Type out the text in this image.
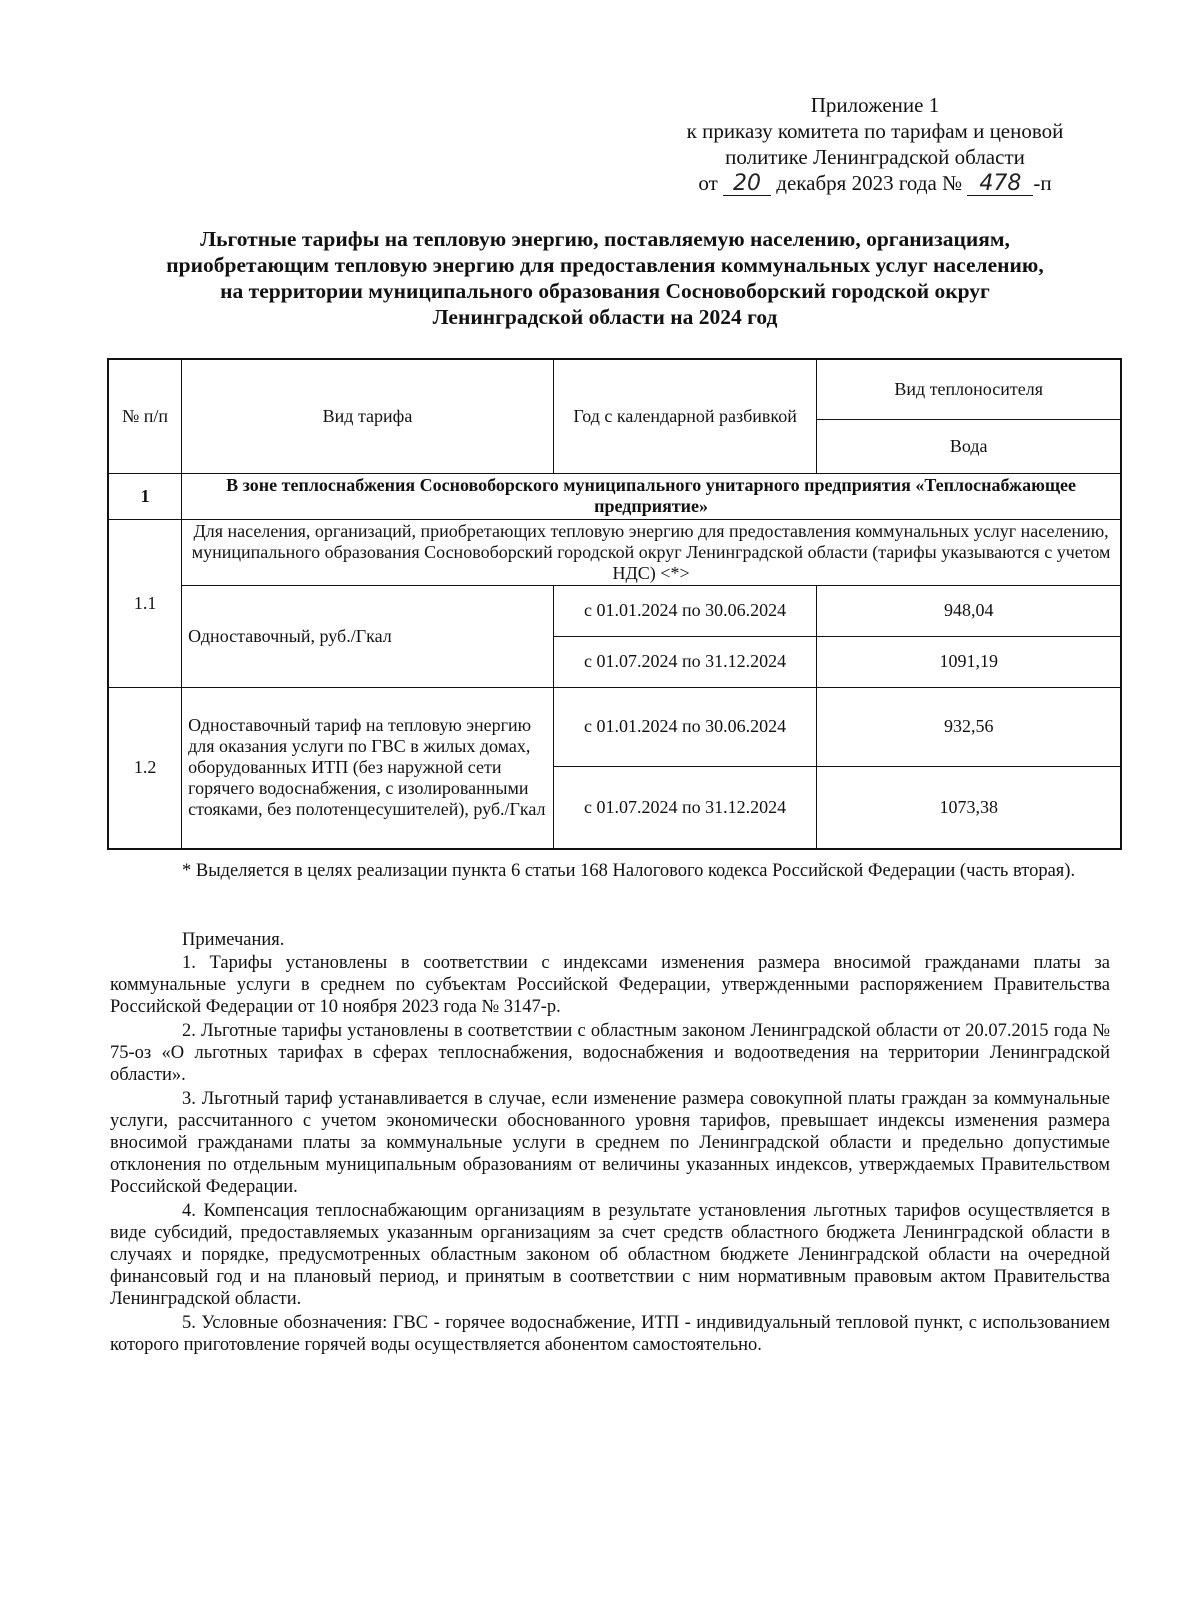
Приложение 1
к приказу комитета по тарифам и ценовой
политике Ленинградской области
от 20 декабря 2023 года № 478 -п
Льготные тарифы на тепловую энергию, поставляемую населению, организациям,
приобретающим тепловую энергию для предоставления коммунальных услуг населению,
на территории муниципального образования Сосновоборский городской округ
Ленинградской области на 2024 год
№ п/п	Вид тарифа	Год с календарной разбивкой	Вид теплоносителя
			Вода
1	В зоне теплоснабжения Сосновоборского муниципального унитарного предприятия «Теплоснабжающее предприятие»		
1.1	Для населения, организаций, приобретающих тепловую энергию для предоставления коммунальных услуг населению, муниципального образования Сосновоборский городской округ Ленинградской области (тарифы указываются с учетом НДС) <*>		
	Одноставочный, руб./Гкал	с 01.01.2024 по 30.06.2024	948,04
		с 01.07.2024 по 31.12.2024	1091,19
1.2	Одноставочный тариф на тепловую энергию для оказания услуги по ГВС в жилых домах, оборудованных ИТП (без наружной сети горячего водоснабжения, с изолированными стояками, без полотенцесушителей), руб./Гкал	с 01.01.2024 по 30.06.2024	932,56
		с 01.07.2024 по 31.12.2024	1073,38
* Выделяется в целях реализации пункта 6 статьи 168 Налогового кодекса Российской Федерации (часть вторая).
Примечания.

1. Тарифы установлены в соответствии с индексами изменения размера вносимой гражданами платы за коммунальные услуги в среднем по субъектам Российской Федерации, утвержденными распоряжением Правительства Российской Федерации от 10 ноября 2023 года № 3147-р.

2. Льготные тарифы установлены в соответствии с областным законом Ленинградской области от 20.07.2015 года № 75-оз «О льготных тарифах в сферах теплоснабжения, водоснабжения и водоотведения на территории Ленинградской области».

3. Льготный тариф устанавливается в случае, если изменение размера совокупной платы граждан за коммунальные услуги, рассчитанного с учетом экономически обоснованного уровня тарифов, превышает индексы изменения размера вносимой гражданами платы за коммунальные услуги в среднем по Ленинградской области и предельно допустимые отклонения по отдельным муниципальным образованиям от величины указанных индексов, утверждаемых Правительством Российской Федерации.

4. Компенсация теплоснабжающим организациям в результате установления льготных тарифов осуществляется в виде субсидий, предоставляемых указанным организациям за счет средств областного бюджета Ленинградской области в случаях и порядке, предусмотренных областным законом об областном бюджете Ленинградской области на очередной финансовый год и на плановый период, и принятым в соответствии с ним нормативным правовым актом Правительства Ленинградской области.

5. Условные обозначения: ГВС - горячее водоснабжение, ИТП - индивидуальный тепловой пункт, с использованием которого приготовление горячей воды осуществляется абонентом самостоятельно.
